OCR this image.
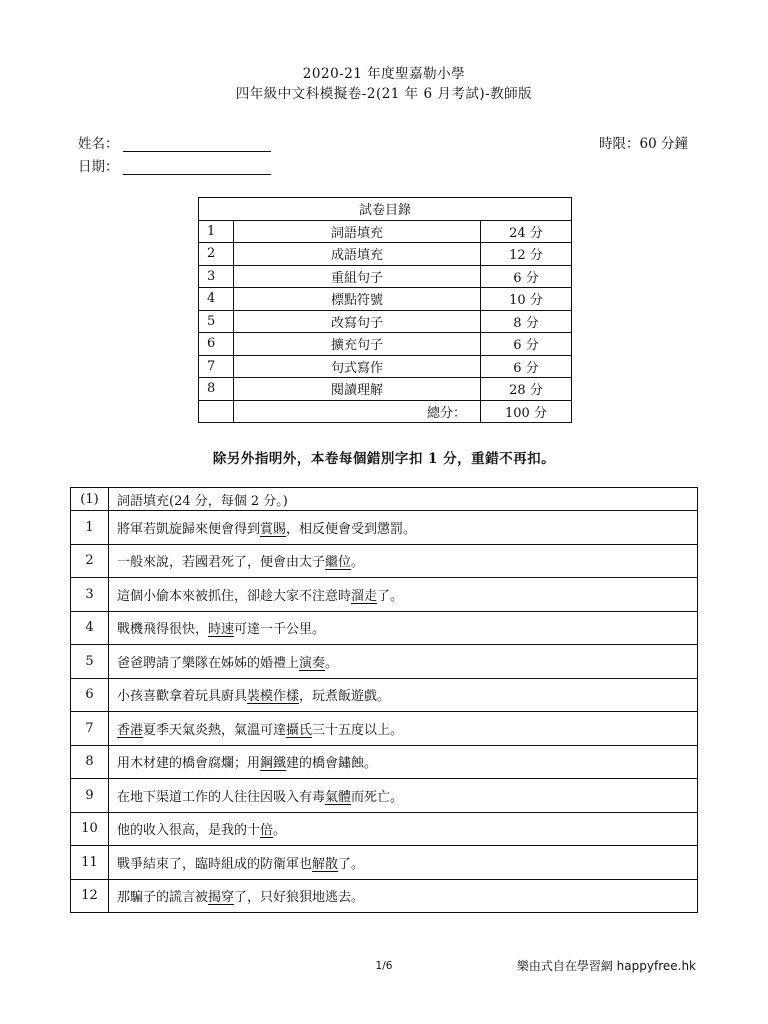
2020-21 年度聖嘉勒小學
四年級中文科模擬卷-2(21 年 6 月考試)-教師版
姓名：
日期：
時限：60 分鐘
試卷目錄		
1	詞語填充	24 分
2	成語填充	12 分
3	重組句子	6 分
4	標點符號	10 分
5	改寫句子	8 分
6	擴充句子	6 分
7	句式寫作	6 分
8	閱讀理解	28 分
	總分：	100 分
除另外指明外，本卷每個錯別字扣 1 分，重錯不再扣。
(1)	詞語填充(24 分，每個 2 分。)
1	將軍若凱旋歸來便會得到賞賜，相反便會受到懲罰。
2	一般來說，若國君死了，便會由太子繼位。
3	這個小偷本來被抓住，卻趁大家不注意時溜走了。
4	戰機飛得很快，時速可達一千公里。
5	爸爸聘請了樂隊在姊姊的婚禮上演奏。
6	小孩喜歡拿着玩具廚具裝模作樣，玩煮飯遊戲。
7	香港夏季天氣炎熱，氣溫可達攝氏三十五度以上。
8	用木材建的橋會腐爛；用鋼鐵建的橋會鏽蝕。
9	在地下渠道工作的人往往因吸入有毒氣體而死亡。
10	他的收入很高，是我的十倍。
11	戰爭結束了，臨時組成的防衛軍也解散了。
12	那騙子的謊言被揭穿了，只好狼狽地逃去。
1/6	樂由式自在學習網 happyfree.hk
